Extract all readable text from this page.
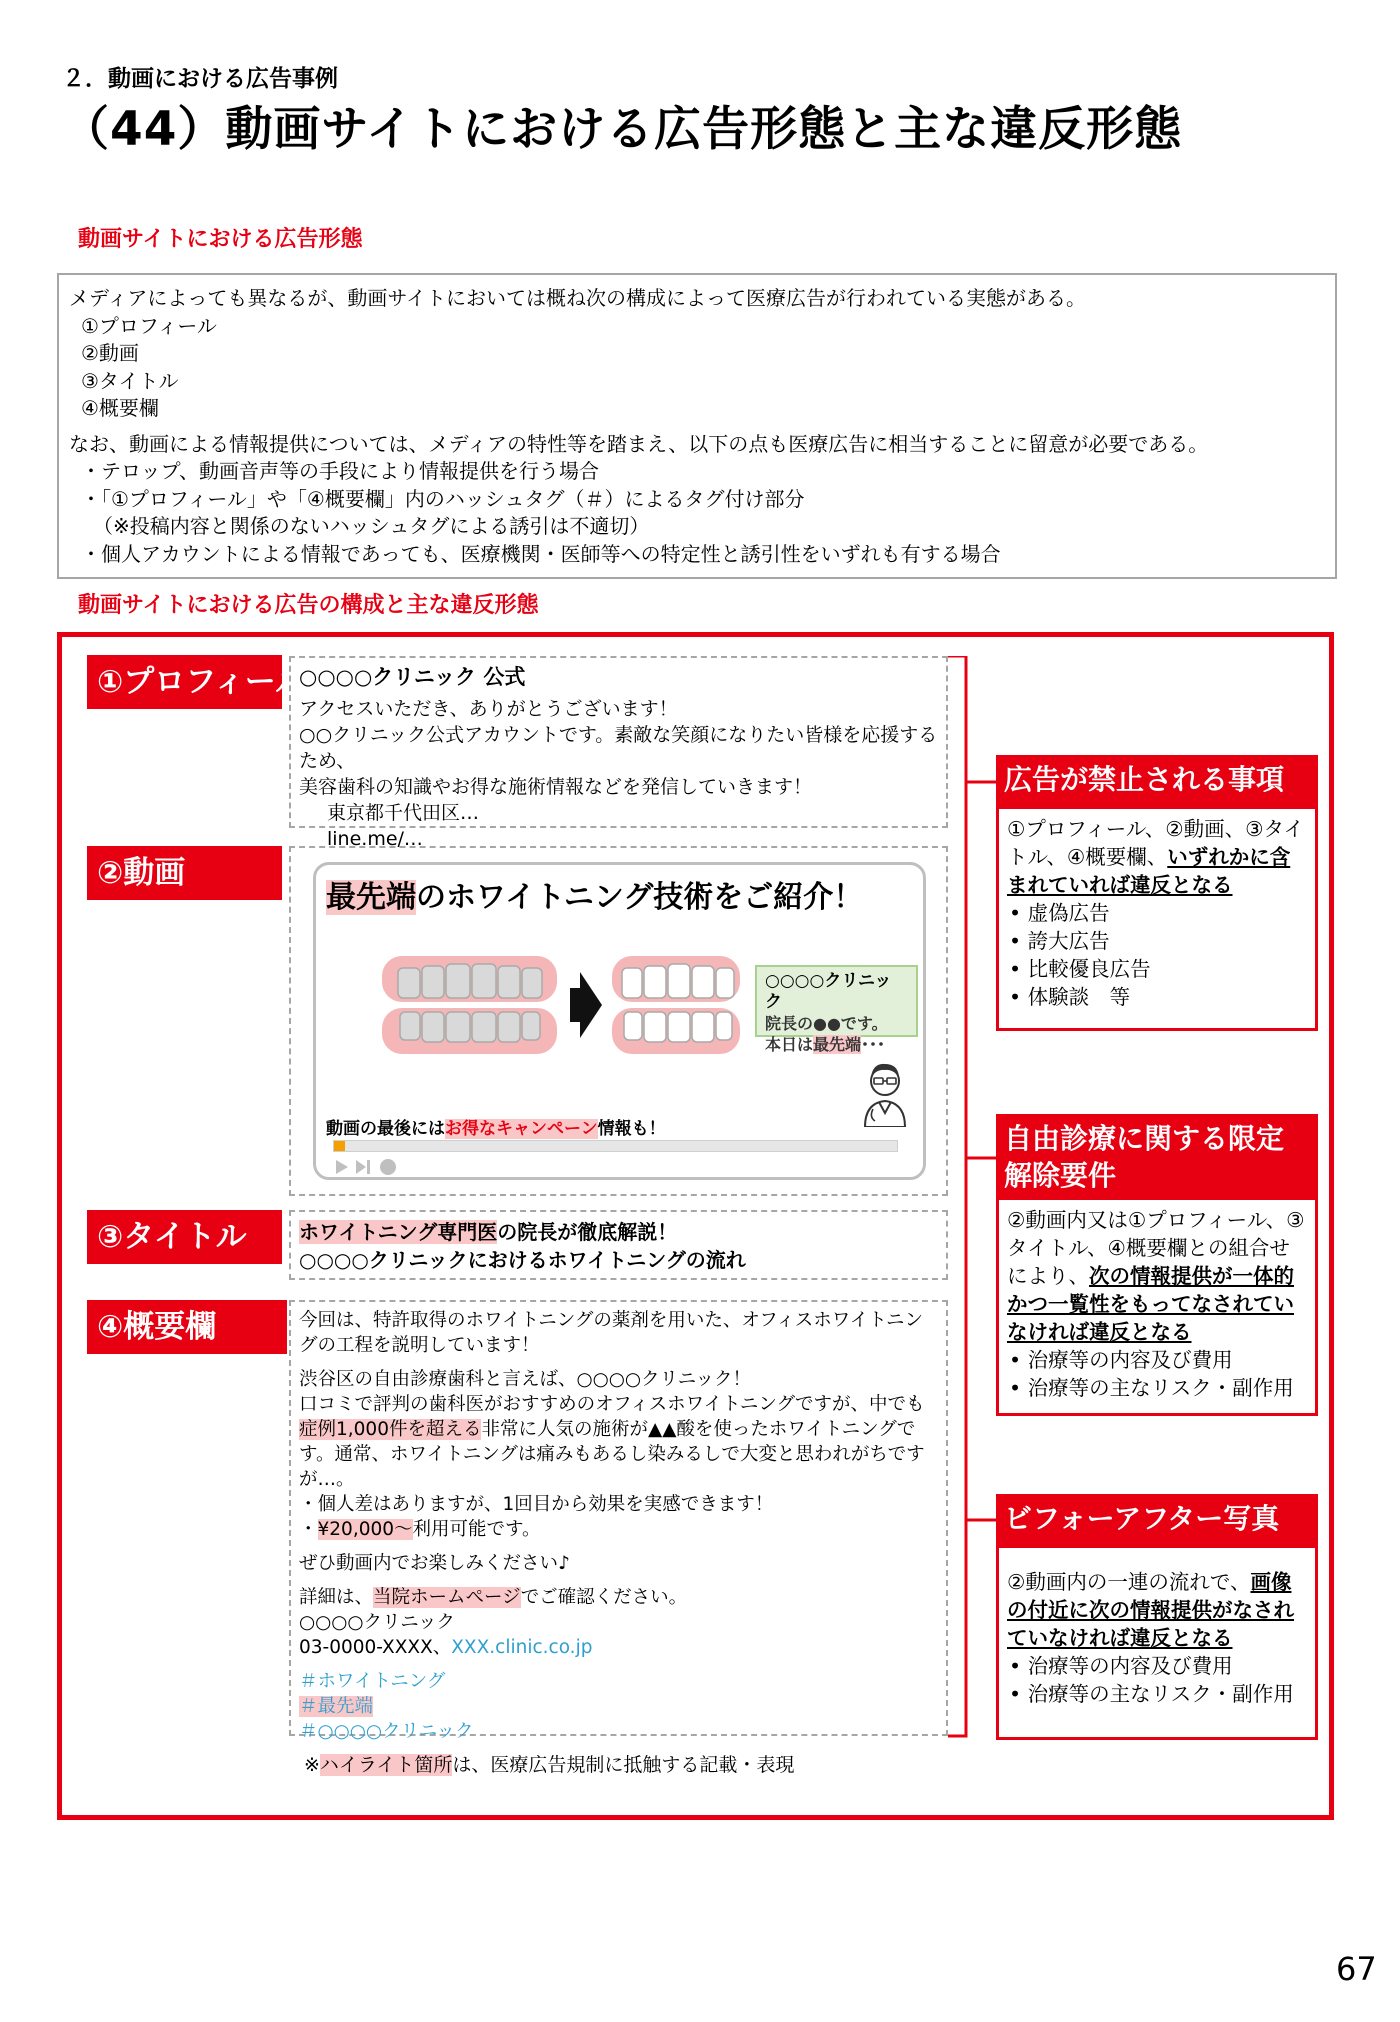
２．動画における広告事例
（44）動画サイトにおける広告形態と主な違反形態
動画サイトにおける広告形態
メディアによっても異なるが、動画サイトにおいては概ね次の構成によって医療広告が行われている実態がある。
①プロフィール
②動画
③タイトル
④概要欄
なお、動画による情報提供については、メディアの特性等を踏まえ、以下の点も医療広告に相当することに留意が必要である。
・テロップ、動画音声等の手段により情報提供を行う場合
・「①プロフィール」や「④概要欄」内のハッシュタグ（＃）によるタグ付け部分
（※投稿内容と関係のないハッシュタグによる誘引は不適切）
・個人アカウントによる情報であっても、医療機関・医師等への特定性と誘引性をいずれも有する場合
動画サイトにおける広告の構成と主な違反形態
①プロフィール
②動画
③タイトル
④概要欄
○○○○クリニック 公式
アクセスいただき、ありがとうございます！
○○クリニック公式アカウントです。素敵な笑顔になりたい皆様を応援するため、
美容歯科の知識やお得な施術情報などを発信していきます！
東京都千代田区…
line.me/…
最先端のホワイトニング技術をご紹介！
○○○○クリニック
院長の●●です。
本日は最先端･･･
動画の最後にはお得なキャンペーン情報も！
ホワイトニング専門医の院長が徹底解説！
○○○○クリニックにおけるホワイトニングの流れ
今回は、特許取得のホワイトニングの薬剤を用いた、オフィスホワイトニングの工程を説明しています！
渋谷区の自由診療歯科と言えば、○○○○クリニック！
口コミで評判の歯科医がおすすめのオフィスホワイトニングですが、中でも症例1,000件を超える非常に人気の施術が▲▲酸を使ったホワイトニングです。通常、ホワイトニングは痛みもあるし染みるしで大変と思われがちですが…。
・個人差はありますが、1回目から効果を実感できます！
・¥20,000～利用可能です。
ぜひ動画内でお楽しみください♪
詳細は、当院ホームページでご確認ください。
○○○○クリニック
03-0000-XXXX、XXX.clinic.co.jp
＃ホワイトニング
＃最先端
＃○○○○クリニック
※ハイライト箇所は、医療広告規制に抵触する記載・表現
広告が禁止される事項
①プロフィール、②動画、③タイトル、④概要欄、いずれかに含まれていれば違反となる
• 虚偽広告
• 誇大広告
• 比較優良広告
• 体験談　等
自由診療に関する限定解除要件
②動画内又は①プロフィール、③タイトル、④概要欄との組合せにより、次の情報提供が一体的かつ一覧性をもってなされていなければ違反となる
• 治療等の内容及び費用
• 治療等の主なリスク・副作用
ビフォーアフター写真
②動画内の一連の流れで、画像の付近に次の情報提供がなされていなければ違反となる
• 治療等の内容及び費用
• 治療等の主なリスク・副作用
67
